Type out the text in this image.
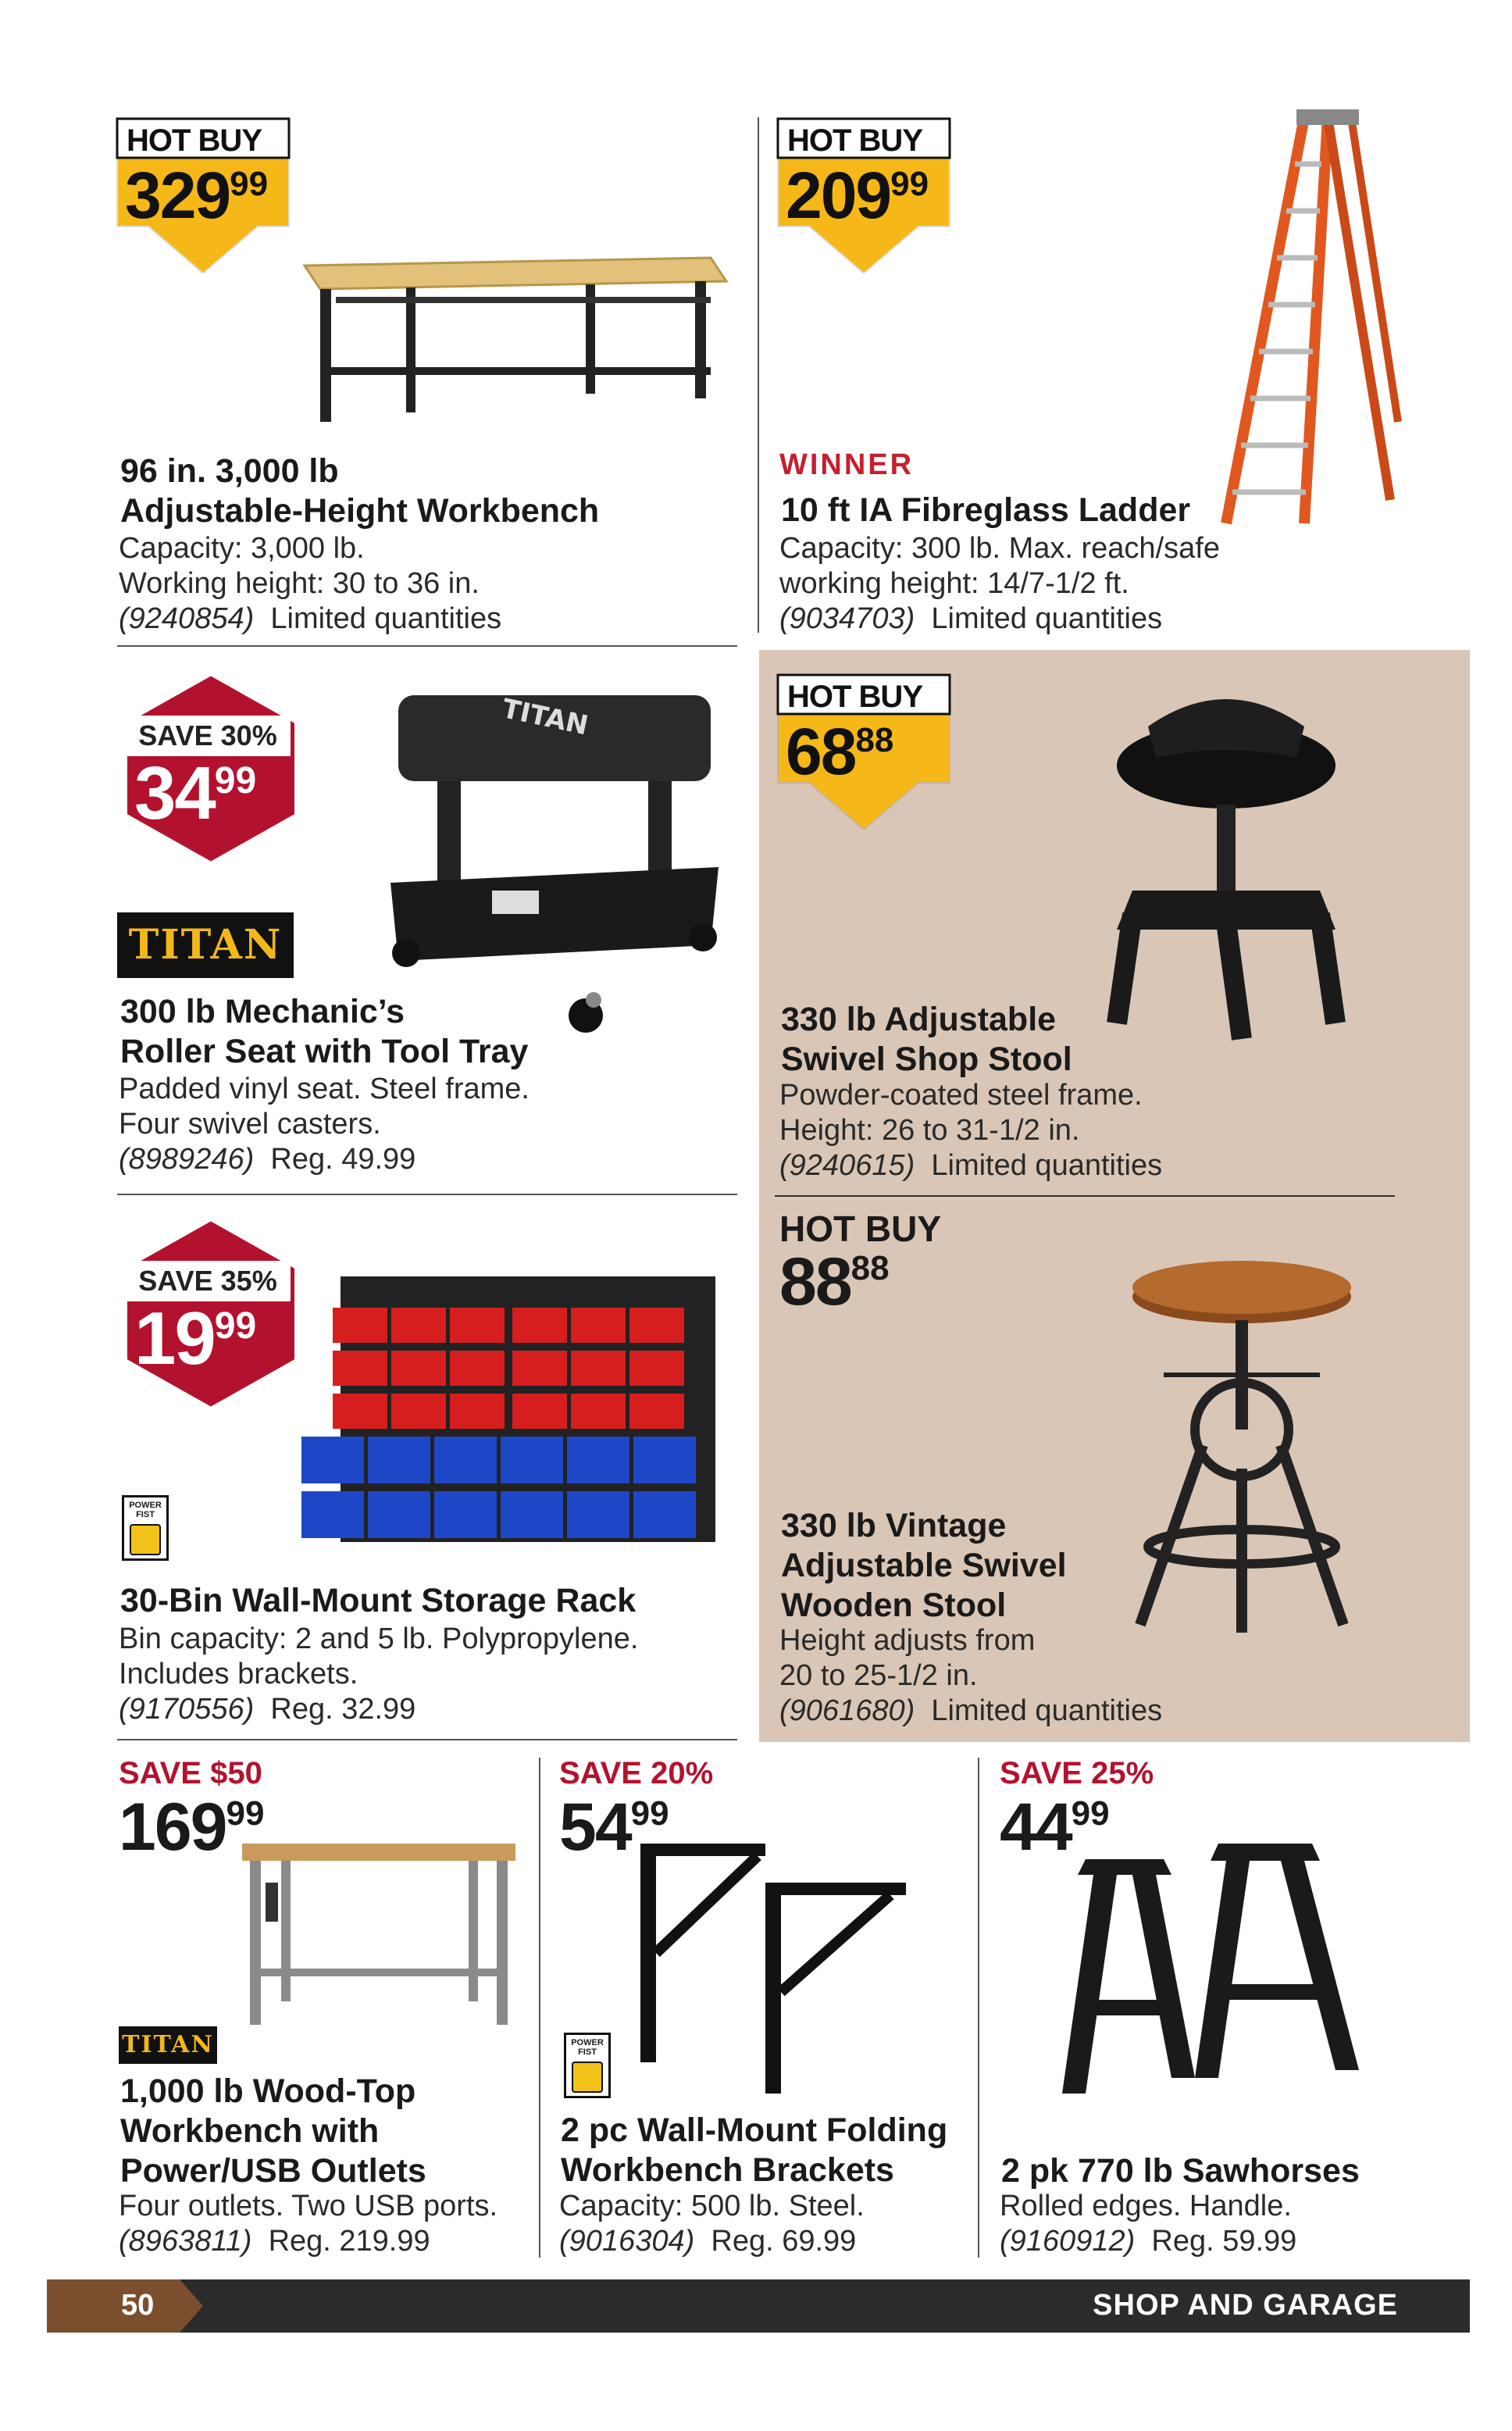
HOT BUY
32999
96 in. 3,000 lb
Adjustable-Height Workbench
Capacity: 3,000 lb.
Working height: 30 to 36 in.
(9240854) Limited quantities
HOT BUY
20999
WINNER
10 ft IA Fibreglass Ladder
Capacity: 300 lb. Max. reach/safe
working height: 14/7-1/2 ft.
(9034703) Limited quantities
SAVE 30%
3499
TITAN
TITAN
300 lb Mechanic’s
Roller Seat with Tool Tray
Padded vinyl seat. Steel frame.
Four swivel casters.
(8989246) Reg. 49.99
HOT BUY
6888
330 lb Adjustable
Swivel Shop Stool
Powder-coated steel frame.
Height: 26 to 31-1/2 in.
(9240615) Limited quantities
SAVE 35%
1999
POWER FIST
30-Bin Wall-Mount Storage Rack
Bin capacity: 2 and 5 lb. Polypropylene.
Includes brackets.
(9170556) Reg. 32.99
HOT BUY
8888
330 lb Vintage
Adjustable Swivel
Wooden Stool
Height adjusts from
20 to 25-1/2 in.
(9061680) Limited quantities
SAVE $50
16999
TITAN
1,000 lb Wood-Top
Workbench with
Power/USB Outlets
Four outlets. Two USB ports.
(8963811) Reg. 219.99
SAVE 20%
5499
POWER FIST
2 pc Wall-Mount Folding
Workbench Brackets
Capacity: 500 lb. Steel.
(9016304) Reg. 69.99
SAVE 25%
4499
2 pk 770 lb Sawhorses
Rolled edges. Handle.
(9160912) Reg. 59.99
50	SHOP AND GARAGE
